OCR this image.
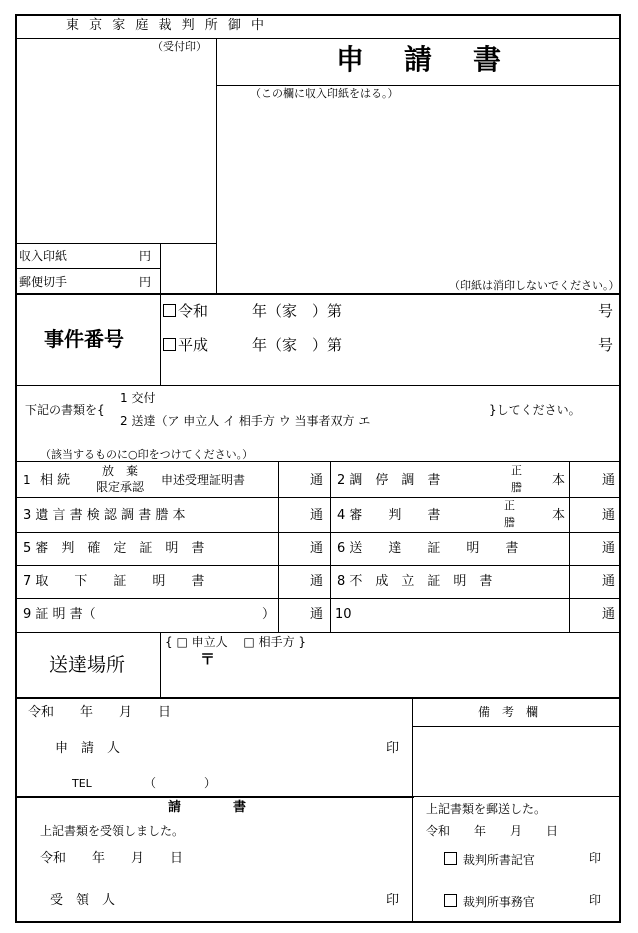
東 京 家 庭 裁 判 所 御 中
（受付印）	申 請 書
（この欄に収入印紙をはる。）
収入印紙	円
郵便切手	円	（印紙は消印しないでください。）
事件番号
令和	年（家　）第	号
平成	年（家　）第	号
下記の書類を{
1 交付
2 送達（ア 申立人 イ 相手方 ウ 当事者双方 エ
}してください。
（該当するものに○印をつけてください。）
1 相 続
放　棄
限定承認 申述受理証明書	通 2 調　停　調　書
正
謄 本	通
3 遺 言 書 検 認 調 書 謄 本	通 4 審　　判　　書
正
謄	本	通
5 審　判　確　定　証　明　書	通 6 送　　達　　証　　明　　書	通
7 取　　下　　証　　明　　書	通 8 不　成　立　証　明　書	通
9 証 明 書（	）	通 10	通
送達場所
{ □ 申立人　 □ 相手方 }
〒
令和　　年　　月　　日
申　請　人	印
TEL	（　　　　）
備　考　欄
請　　　　書
上記書類を受領しました。
令和　　年　　月　　日
受　領　人	印
上記書類を郵送した。
令和　　年　　月　　日
裁判所書記官	印
裁判所事務官	印
